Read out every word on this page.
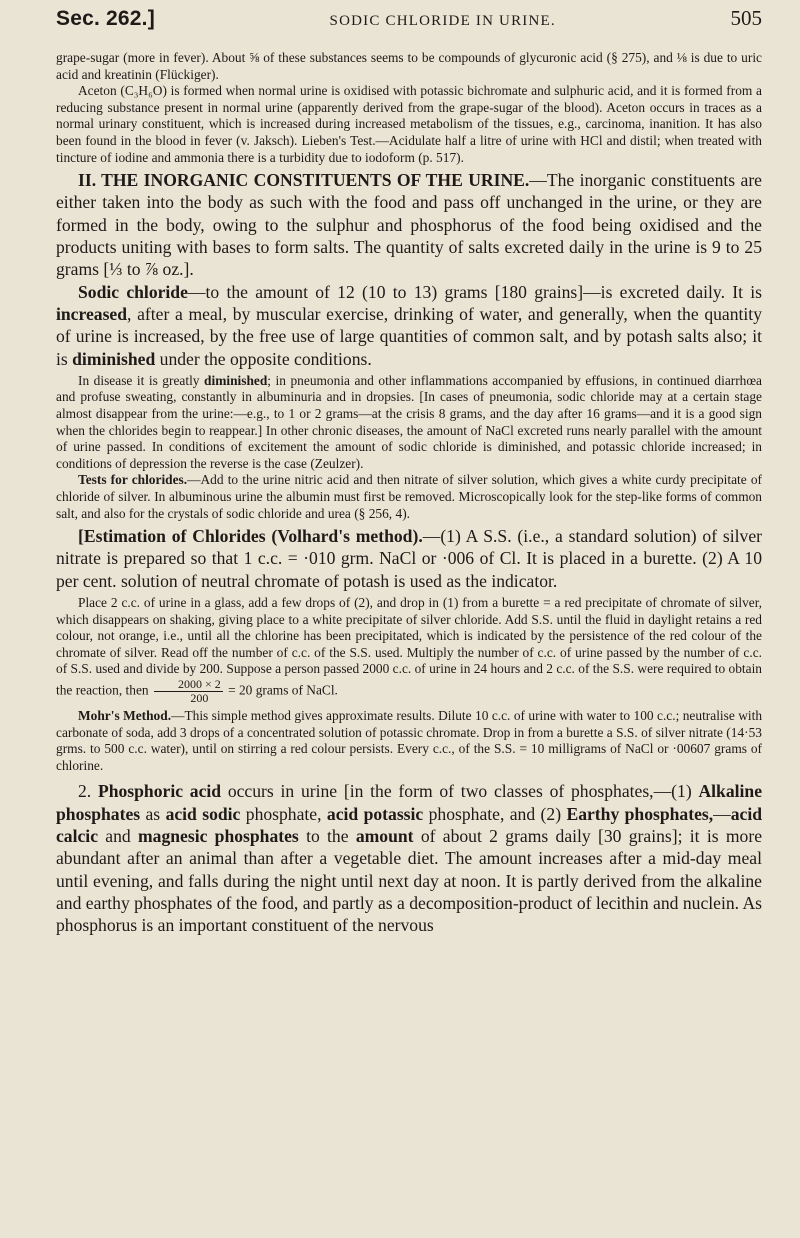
Sec. 262.]	SODIC CHLORIDE IN URINE.	505

grape-sugar (more in fever). About ⅝ of these substances seems to be compounds of glycuronic acid (§ 275), and ⅛ is due to uric acid and kreatinin (Flückiger).

Aceton (C₃H₆O) is formed when normal urine is oxidised with potassic bichromate and sulphuric acid, and it is formed from a reducing substance present in normal urine (apparently derived from the grape-sugar of the blood). Aceton occurs in traces as a normal urinary constituent, which is increased during increased metabolism of the tissues, e.g., carcinoma, inanition. It has also been found in the blood in fever (v. Jaksch). Lieben's Test.—Acidulate half a litre of urine with HCl and distil; when treated with tincture of iodine and ammonia there is a turbidity due to iodoform (p. 517).

II. THE INORGANIC CONSTITUENTS OF THE URINE.—The inorganic constituents are either taken into the body as such with the food and pass off unchanged in the urine, or they are formed in the body, owing to the sulphur and phosphorus of the food being oxidised and the products uniting with bases to form salts. The quantity of salts excreted daily in the urine is 9 to 25 grams [⅓ to ⅞ oz.].

Sodic chloride—to the amount of 12 (10 to 13) grams [180 grains]—is excreted daily. It is increased, after a meal, by muscular exercise, drinking of water, and generally, when the quantity of urine is increased, by the free use of large quantities of common salt, and by potash salts also; it is diminished under the opposite conditions.

In disease it is greatly diminished; in pneumonia and other inflammations accompanied by effusions, in continued diarrhœa and profuse sweating, constantly in albuminuria and in dropsies. [In cases of pneumonia, sodic chloride may at a certain stage almost disappear from the urine:—e.g., to 1 or 2 grams—at the crisis 8 grams, and the day after 16 grams—and it is a good sign when the chlorides begin to reappear.] In other chronic diseases, the amount of NaCl excreted runs nearly parallel with the amount of urine passed. In conditions of excitement the amount of sodic chloride is diminished, and potassic chloride increased; in conditions of depression the reverse is the case (Zeulzer).

Tests for chlorides.—Add to the urine nitric acid and then nitrate of silver solution, which gives a white curdy precipitate of chloride of silver. In albuminous urine the albumin must first be removed. Microscopically look for the step-like forms of common salt, and also for the crystals of sodic chloride and urea (§ 256, 4).

[Estimation of Chlorides (Volhard's method).—(1) A S.S. (i.e., a standard solution) of silver nitrate is prepared so that 1 c.c. = ·010 grm. NaCl or ·006 of Cl. It is placed in a burette. (2) A 10 per cent. solution of neutral chromate of potash is used as the indicator.

Place 2 c.c. of urine in a glass, add a few drops of (2), and drop in (1) from a burette = a red precipitate of chromate of silver, which disappears on shaking, giving place to a white precipitate of silver chloride. Add S.S. until the fluid in daylight retains a red colour, not orange, i.e., until all the chlorine has been precipitated, which is indicated by the persistence of the red colour of the chromate of silver. Read off the number of c.c. of the S.S. used. Multiply the number of c.c. of urine passed by the number of c.c. of S.S. used and divide by 200. Suppose a person passed 2000 c.c. of urine in 24 hours and 2 c.c. of the S.S. were required to obtain the reaction, then $\frac{2000 \times 2}{200} = 20$ grams of NaCl.

Mohr's Method.—This simple method gives approximate results. Dilute 10 c.c. of urine with water to 100 c.c.; neutralise with carbonate of soda, add 3 drops of a concentrated solution of potassic chromate. Drop in from a burette a S.S. of silver nitrate (14·53 grms. to 500 c.c. water), until on stirring a red colour persists. Every c.c., of the S.S. = 10 milligrams of NaCl or ·00607 grams of chlorine.

2. Phosphoric acid occurs in urine [in the form of two classes of phosphates,—(1) Alkaline phosphates as acid sodic phosphate, acid potassic phosphate, and (2) Earthy phosphates,—acid calcic and magnesic phosphates to the amount of about 2 grams daily [30 grains]; it is more abundant after an animal than after a vegetable diet. The amount increases after a mid-day meal until evening, and falls during the night until next day at noon. It is partly derived from the alkaline and earthy phosphates of the food, and partly as a decomposition-product of lecithin and nuclein. As phosphorus is an important constituent of the nervous
